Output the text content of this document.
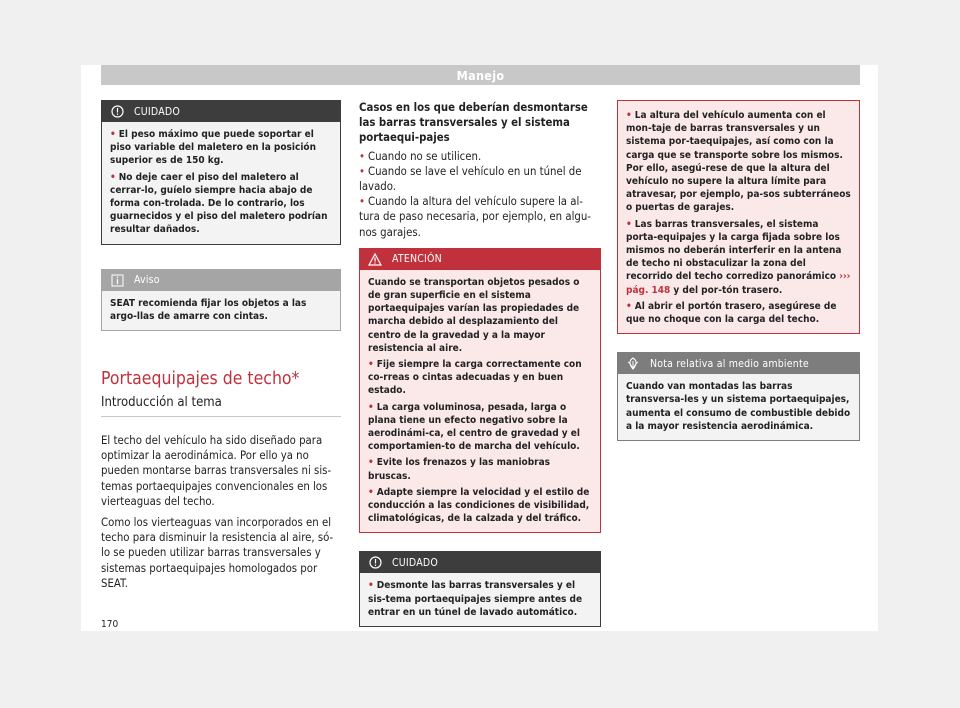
Manejo
CUIDADO

• El peso máximo que puede soportar el piso variable del maletero en la posición superior es de 150 kg.

• No deje caer el piso del maletero al cerrar-lo, guíelo siempre hacia abajo de forma con-trolada. De lo contrario, los guarnecidos y el piso del maletero podrían resultar dañados.

Aviso

SEAT recomienda fijar los objetos a las argo-llas de amarre con cintas.

Portaequipajes de techo*
Introducción al tema

El techo del vehículo ha sido diseñado para optimizar la aerodinámica. Por ello ya no pueden montarse barras transversales ni sis-temas portaequipajes convencionales en los vierteaguas del techo.

Como los vierteaguas van incorporados en el techo para disminuir la resistencia al aire, só-lo se pueden utilizar barras transversales y sistemas portaequipajes homologados por SEAT.

Casos en los que deberían desmontarse las barras transversales y el sistema portaequi-pajes

• Cuando no se utilicen.

• Cuando se lave el vehículo en un túnel de lavado.

• Cuando la altura del vehículo supere la al-tura de paso necesaria, por ejemplo, en algu-nos garajes.

ATENCIÓN

Cuando se transportan objetos pesados o de gran superficie en el sistema portaequipajes varían las propiedades de marcha debido al desplazamiento del centro de la gravedad y a la mayor resistencia al aire.

• Fije siempre la carga correctamente con co-rreas o cintas adecuadas y en buen estado.

• La carga voluminosa, pesada, larga o plana tiene un efecto negativo sobre la aerodinámi-ca, el centro de gravedad y el comportamien-to de marcha del vehículo.

• Evite los frenazos y las maniobras bruscas.

• Adapte siempre la velocidad y el estilo de conducción a las condiciones de visibilidad, climatológicas, de la calzada y del tráfico.

CUIDADO

• Desmonte las barras transversales y el sis-tema portaequipajes siempre antes de entrar en un túnel de lavado automático.

• La altura del vehículo aumenta con el mon-taje de barras transversales y un sistema por-taequipajes, así como con la carga que se transporte sobre los mismos. Por ello, asegú-rese de que la altura del vehículo no supere la altura límite para atravesar, por ejemplo, pa-sos subterráneos o puertas de garajes.

• Las barras transversales, el sistema porta-equipajes y la carga fijada sobre los mismos no deberán interferir en la antena de techo ni obstaculizar la zona del recorrido del techo corredizo panorámico ››› pág. 148 y del por-tón trasero.

• Al abrir el portón trasero, asegúrese de que no choque con la carga del techo.

Nota relativa al medio ambiente

Cuando van montadas las barras transversa-les y un sistema portaequipajes, aumenta el consumo de combustible debido a la mayor resistencia aerodinámica.

170
